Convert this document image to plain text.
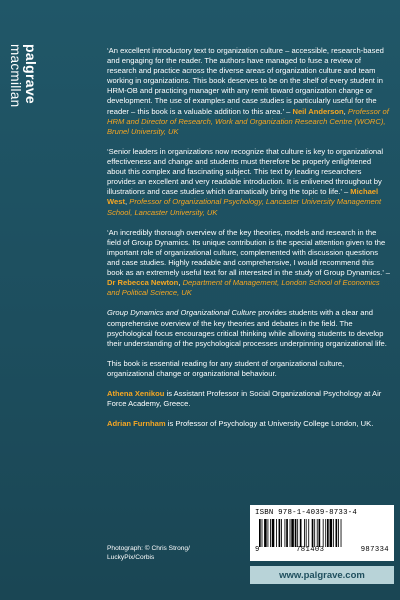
palgrave
macmillan	‘An excellent introductory text to organization culture – accessible, research-based and engaging for the reader. The authors have managed to fuse a review of research and practice across the diverse areas of organization culture and team working in organizations. This book deserves to be on the shelf of every student in HRM-OB and practicing manager with any remit toward organization change or development. The use of examples and case studies is particularly useful for the reader – this book is a valuable addition to this area.’ – Neil Anderson, Professor of HRM and Director of Research, Work and Organization Research Centre (WORC), Brunel University, UK

‘Senior leaders in organizations now recognize that culture is key to organizational effectiveness and change and students must therefore be properly enlightened about this complex and fascinating subject. This text by leading researchers provides an excellent and very readable introduction. It is enlivened throughout by illustrations and case studies which dramatically bring the topic to life.’ – Michael West, Professor of Organizational Psychology, Lancaster University Management School, Lancaster University, UK

‘An incredibly thorough overview of the key theories, models and research in the field of Group Dynamics. Its unique contribution is the special attention given to the important role of organizational culture, complemented with discussion questions and case studies. Highly readable and comprehensive, I would recommend this book as an extremely useful text for all interested in the study of Group Dynamics.’ – Dr Rebecca Newton, Department of Management, London School of Economics and Political Science, UK

Group Dynamics and Organizational Culture provides students with a clear and comprehensive overview of the key theories and debates in the field. The psychological focus encourages critical thinking while allowing students to develop their understanding of the psychological processes underpinning organizational life.

This book is essential reading for any student of organizational culture, organizational change or organizational behaviour.

Athena Xenikou is Assistant Professor in Social Organizational Psychology at Air Force Academy, Greece.

Adrian Furnham is Professor of Psychology at University College London, UK.

ISBN 978-1-4039-8733-4
9	781403	987334
Photograph: © Chris Strong/
LuckyPix/Corbis
www.palgrave.com
